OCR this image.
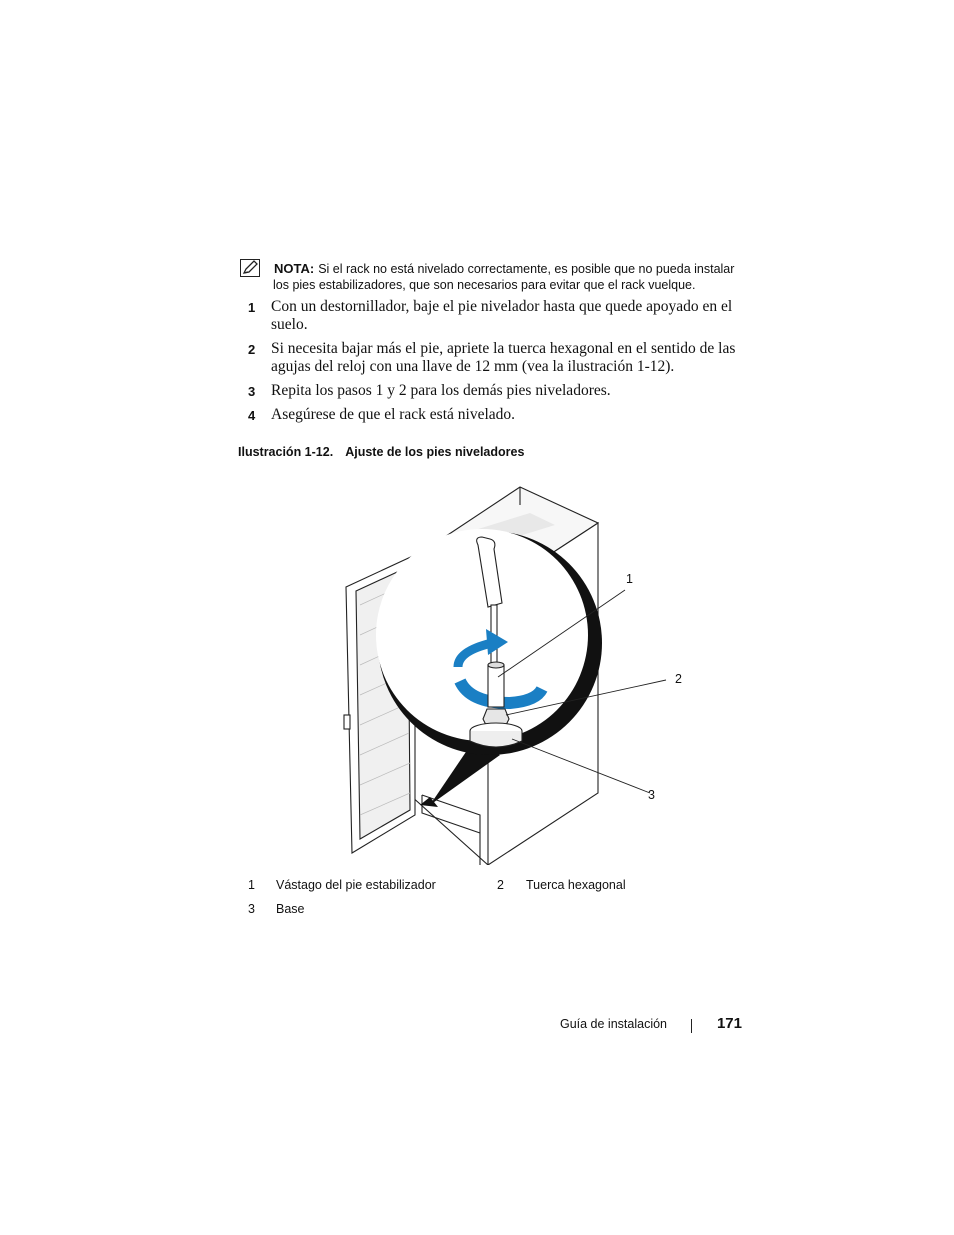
NOTA: Si el rack no está nivelado correctamente, es posible que no pueda instalar
los pies estabilizadores, que son necesarios para evitar que el rack vuelque.
1 Con un destornillador, baje el pie nivelador hasta que quede apoyado en el suelo.
2 Si necesita bajar más el pie, apriete la tuerca hexagonal en el sentido de las agujas del reloj con una llave de 12 mm (vea la ilustración 1-12).
3 Repita los pasos 1 y 2 para los demás pies niveladores.
4 Asegúrese de que el rack está nivelado.
Ilustración 1-12. Ajuste de los pies niveladores
1
2
3
1 Vástago del pie estabilizador	2 Tuerca hexagonal
3 Base
Guía de instalación	171
